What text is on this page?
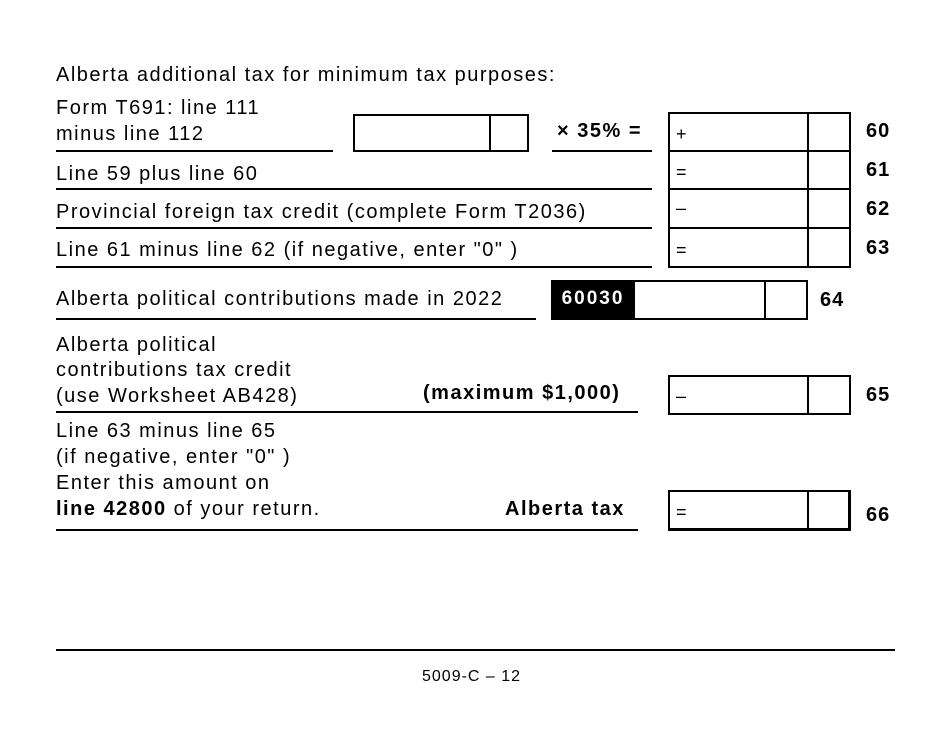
Alberta additional tax for minimum tax purposes:
Form T691: line 111
minus line 112	× 35% = +	60
Line 59 plus line 60	=	61
Provincial foreign tax credit (complete Form T2036)	–	62
Line 61 minus line 62 (if negative, enter "0" )	=	63
Alberta political contributions made in 2022	60030	64
Alberta political
contributions tax credit
(use Worksheet AB428)	(maximum $1,000)	–	65
Line 63 minus line 65
(if negative, enter "0" )
Enter this amount on
line 42800 of your return.	Alberta tax	=	66
5009-C – 12
